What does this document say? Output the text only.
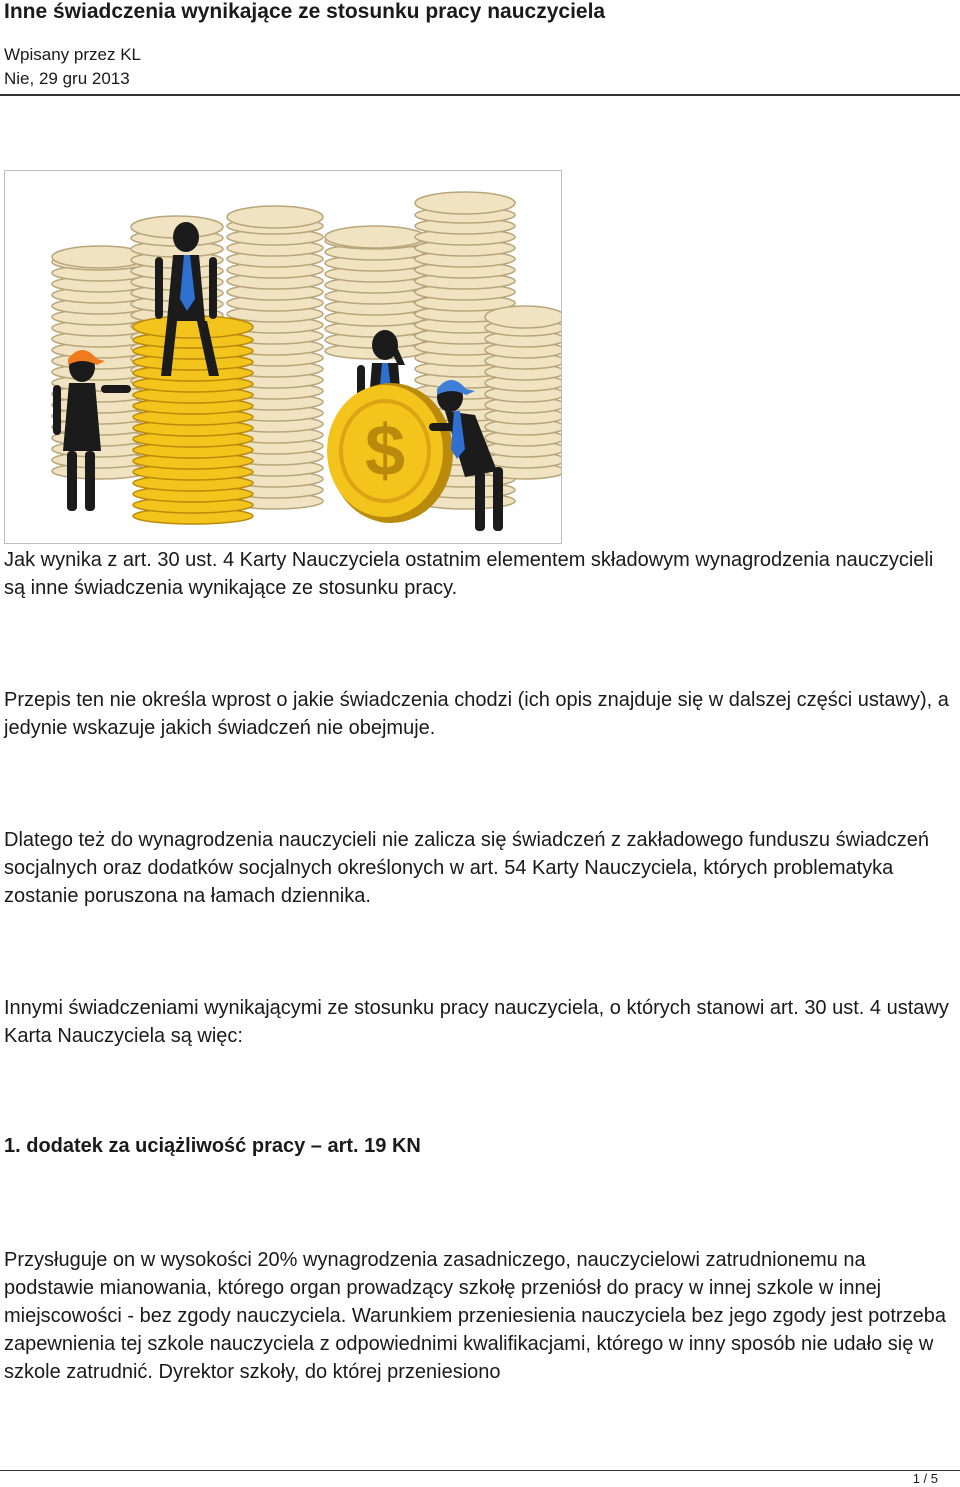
Inne świadczenia wynikające ze stosunku pracy nauczyciela
Wpisany przez KL
Nie, 29 gru 2013
$

Jak wynika z art. 30 ust. 4 Karty Nauczyciela ostatnim elementem składowym wynagrodzenia nauczycieli są inne świadczenia wynikające ze stosunku pracy.

Przepis ten nie określa wprost o jakie świadczenia chodzi (ich opis znajduje się w dalszej części ustawy), a jedynie wskazuje jakich świadczeń nie obejmuje.

Dlatego też do wynagrodzenia nauczycieli nie zalicza się świadczeń z zakładowego funduszu świadczeń socjalnych oraz dodatków socjalnych określonych w art. 54 Karty Nauczyciela, których problematyka zostanie poruszona na łamach dziennika.

Innymi świadczeniami wynikającymi ze stosunku pracy nauczyciela, o których stanowi art. 30 ust. 4 ustawy Karta Nauczyciela są więc:

1. dodatek za uciążliwość pracy – art. 19 KN

Przysługuje on w wysokości 20% wynagrodzenia zasadniczego, nauczycielowi zatrudnionemu na podstawie mianowania, którego organ prowadzący szkołę przeniósł do pracy w innej szkole w innej miejscowości - bez zgody nauczyciela. Warunkiem przeniesienia nauczyciela bez jego zgody jest potrzeba zapewnienia tej szkole nauczyciela z odpowiednimi kwalifikacjami, którego w inny sposób nie udało się w szkole zatrudnić. Dyrektor szkoły, do której przeniesiono

1 / 5
